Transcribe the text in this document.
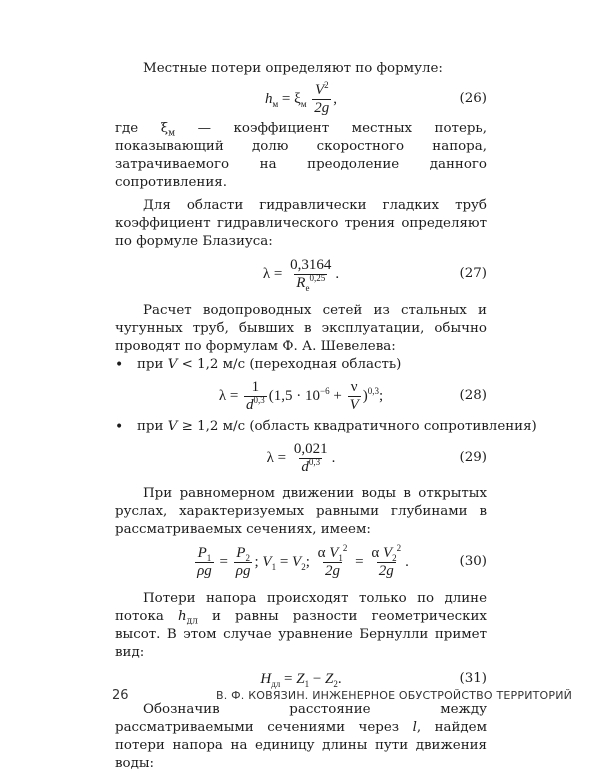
Местные потери определяют по формуле:

$h_м = \xi_м \frac{V^2}{2g}$ ,	(26)

где $\xi_м$ — коэффициент местных потерь, показывающий долю скоростного напора, затрачиваемого на преодоление данного сопротивления.

Для области гидравлически гладких труб коэффициент гидравлического трения определяют по формуле Блазиуса:

$\lambda = \frac{0,3164}{R_e^{0,25}}$ .	(27)

Расчет водопроводных сетей из стальных и чугунных труб, бывших в эксплуатации, обычно проводят по формулам Ф. А. Шевелева:

•	при V < 1,2 м/с (переходная область)
$\lambda = \frac{1}{d^{0,3}} (1,5 \cdot 10^{-6} + \frac{\nu}{V} )^{0,3}$;	(28)
•	при V ≥ 1,2 м/с (область квадратичного сопротивления)
$\lambda = \frac{0,021}{d^{0,3}}$ .	(29)

При равномерном движении воды в открытых руслах, характеризуемых равными глубинами в рассматриваемых сечениях, имеем:

$\frac{P_1}{\rho g} = \frac{P_2}{\rho g}$ ; $V_1 = V_2$; $\frac{\alpha V_1^2}{2g} = \frac{\alpha V_2^2}{2g}$ .	(30)

Потери напора происходят только по длине потока $h_{дл}$ и равны разности геометрических высот. В этом случае уравнение Бернулли примет вид:

$H_{дл} = Z_1 - Z_2$.	(31)

Обозначив расстояние между рассматриваемыми сечениями через l, найдем потери напора на единицу длины пути движения воды:

26	В. Ф. КОВЯЗИН. ИНЖЕНЕРНОЕ ОБУСТРОЙСТВО ТЕРРИТОРИЙ
